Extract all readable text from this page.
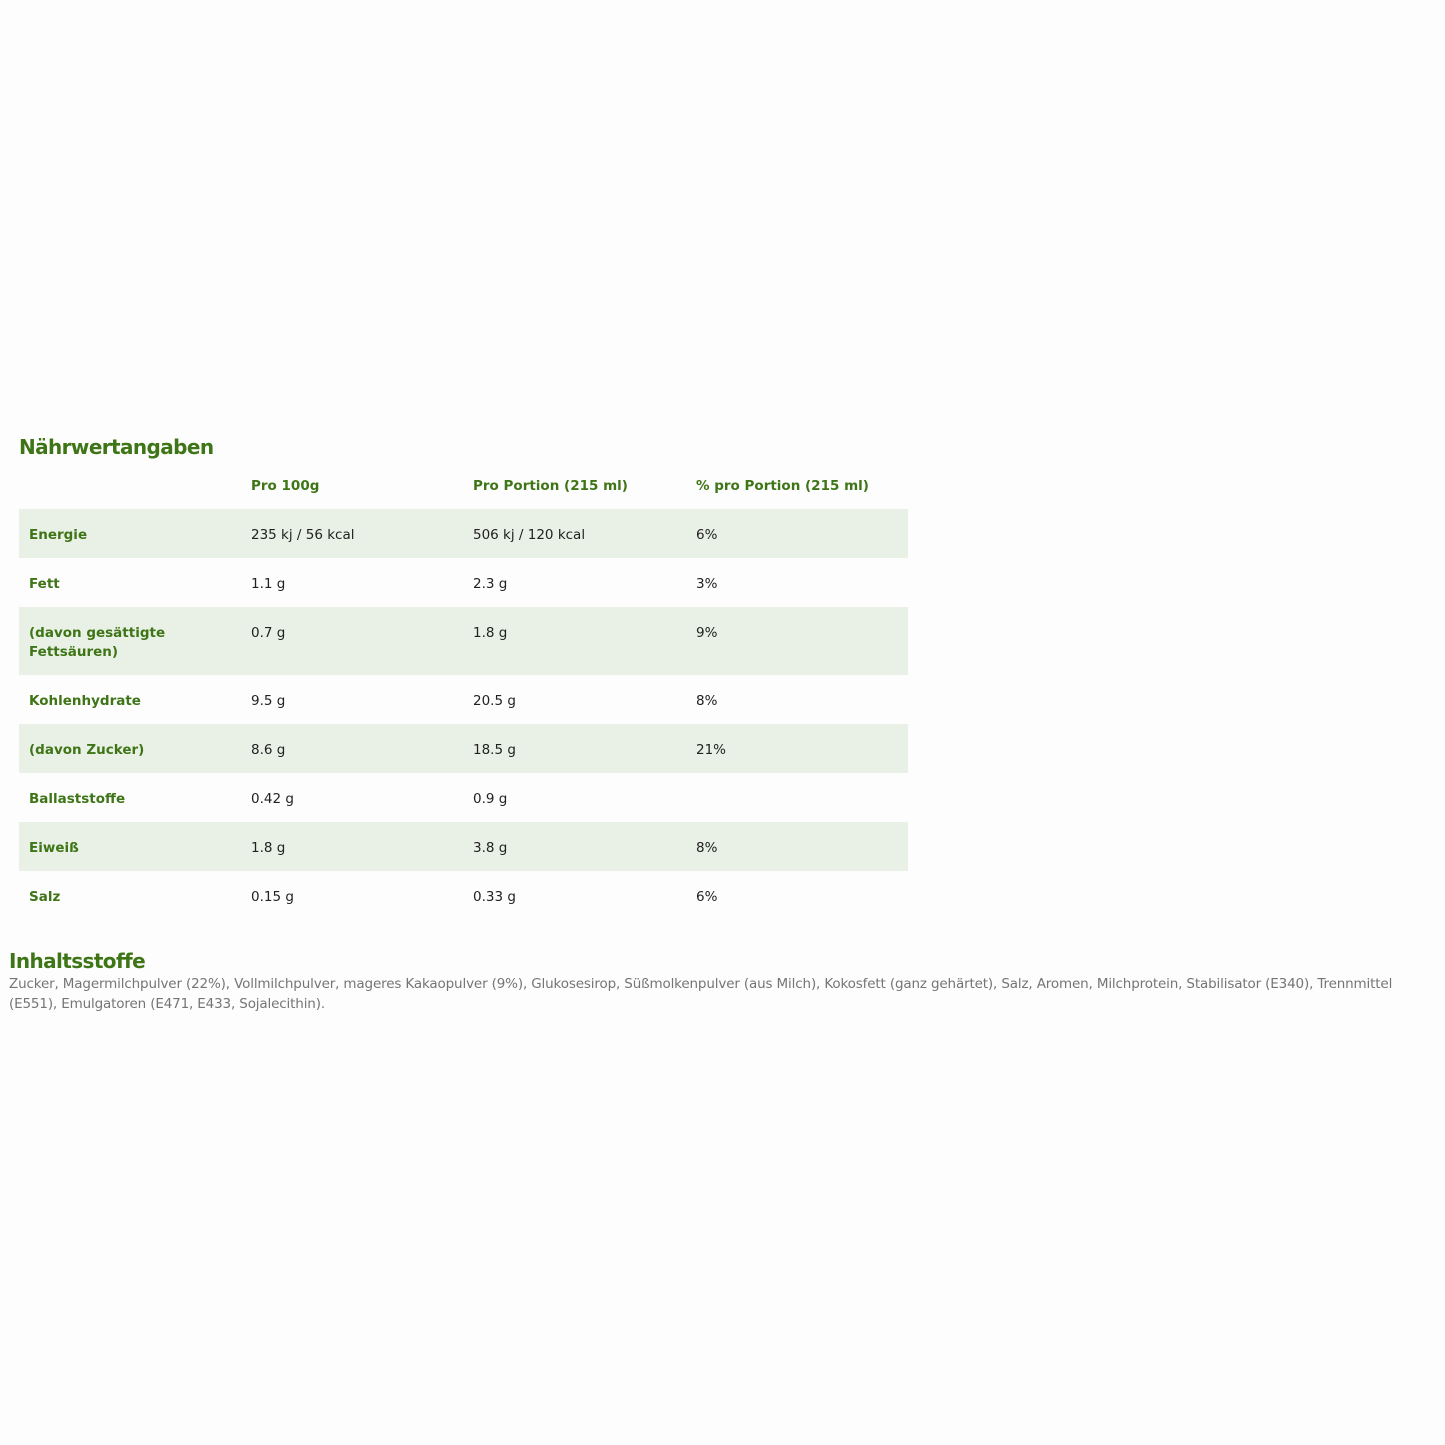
Nährwertangaben
	Pro 100g	Pro Portion (215 ml)	% pro Portion (215 ml)
Energie	235 kj / 56 kcal	506 kj / 120 kcal	6%
Fett	1.1 g	2.3 g	3%
(davon gesättigte Fettsäuren)	0.7 g	1.8 g	9%
Kohlenhydrate	9.5 g	20.5 g	8%
(davon Zucker)	8.6 g	18.5 g	21%
Ballaststoffe	0.42 g	0.9 g	
Eiweiß	1.8 g	3.8 g	8%
Salz	0.15 g	0.33 g	6%
Inhaltsstoffe

Zucker, Magermilchpulver (22%), Vollmilchpulver, mageres Kakaopulver (9%), Glukosesirop, Süßmolkenpulver (aus Milch), Kokosfett (ganz gehärtet), Salz, Aromen, Milchprotein, Stabilisator (E340), Trennmittel (E551), Emulgatoren (E471, E433, Sojalecithin).
